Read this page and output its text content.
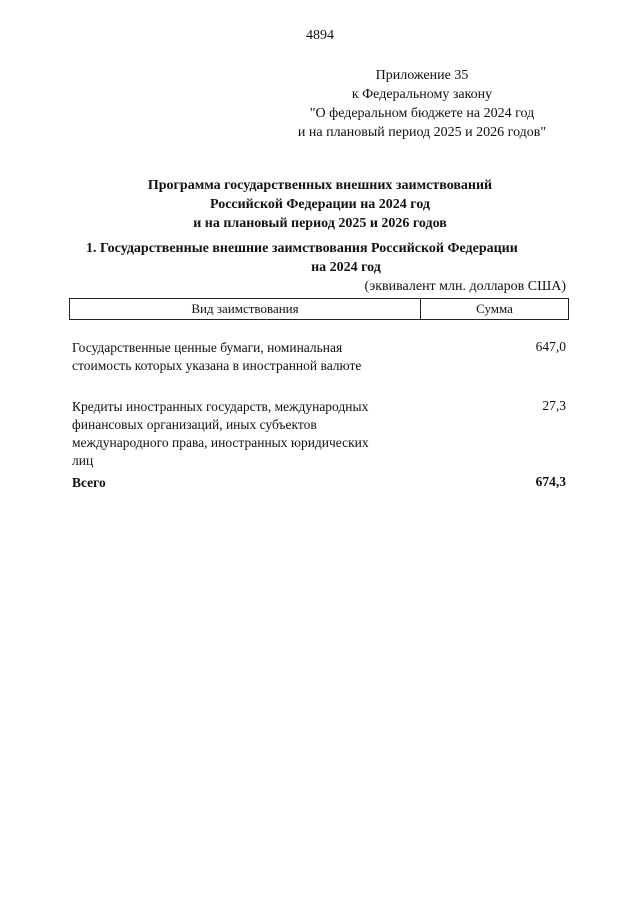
4894
Приложение 35
к Федеральному закону
"О федеральном бюджете на 2024 год
и на плановый период 2025 и 2026 годов"
Программа государственных внешних заимствований
Российской Федерации на 2024 год
и на плановый период 2025 и 2026 годов
1. Государственные внешние заимствования Российской Федерации
на 2024 год
(эквивалент млн. долларов США)
Вид заимствования	Сумма
Государственные ценные бумаги, номинальная
стоимость которых указана в иностранной валюте
647,0
Кредиты иностранных государств, международных
финансовых организаций, иных субъектов
международного права, иностранных юридических
лиц
27,3
Всего	674,3
